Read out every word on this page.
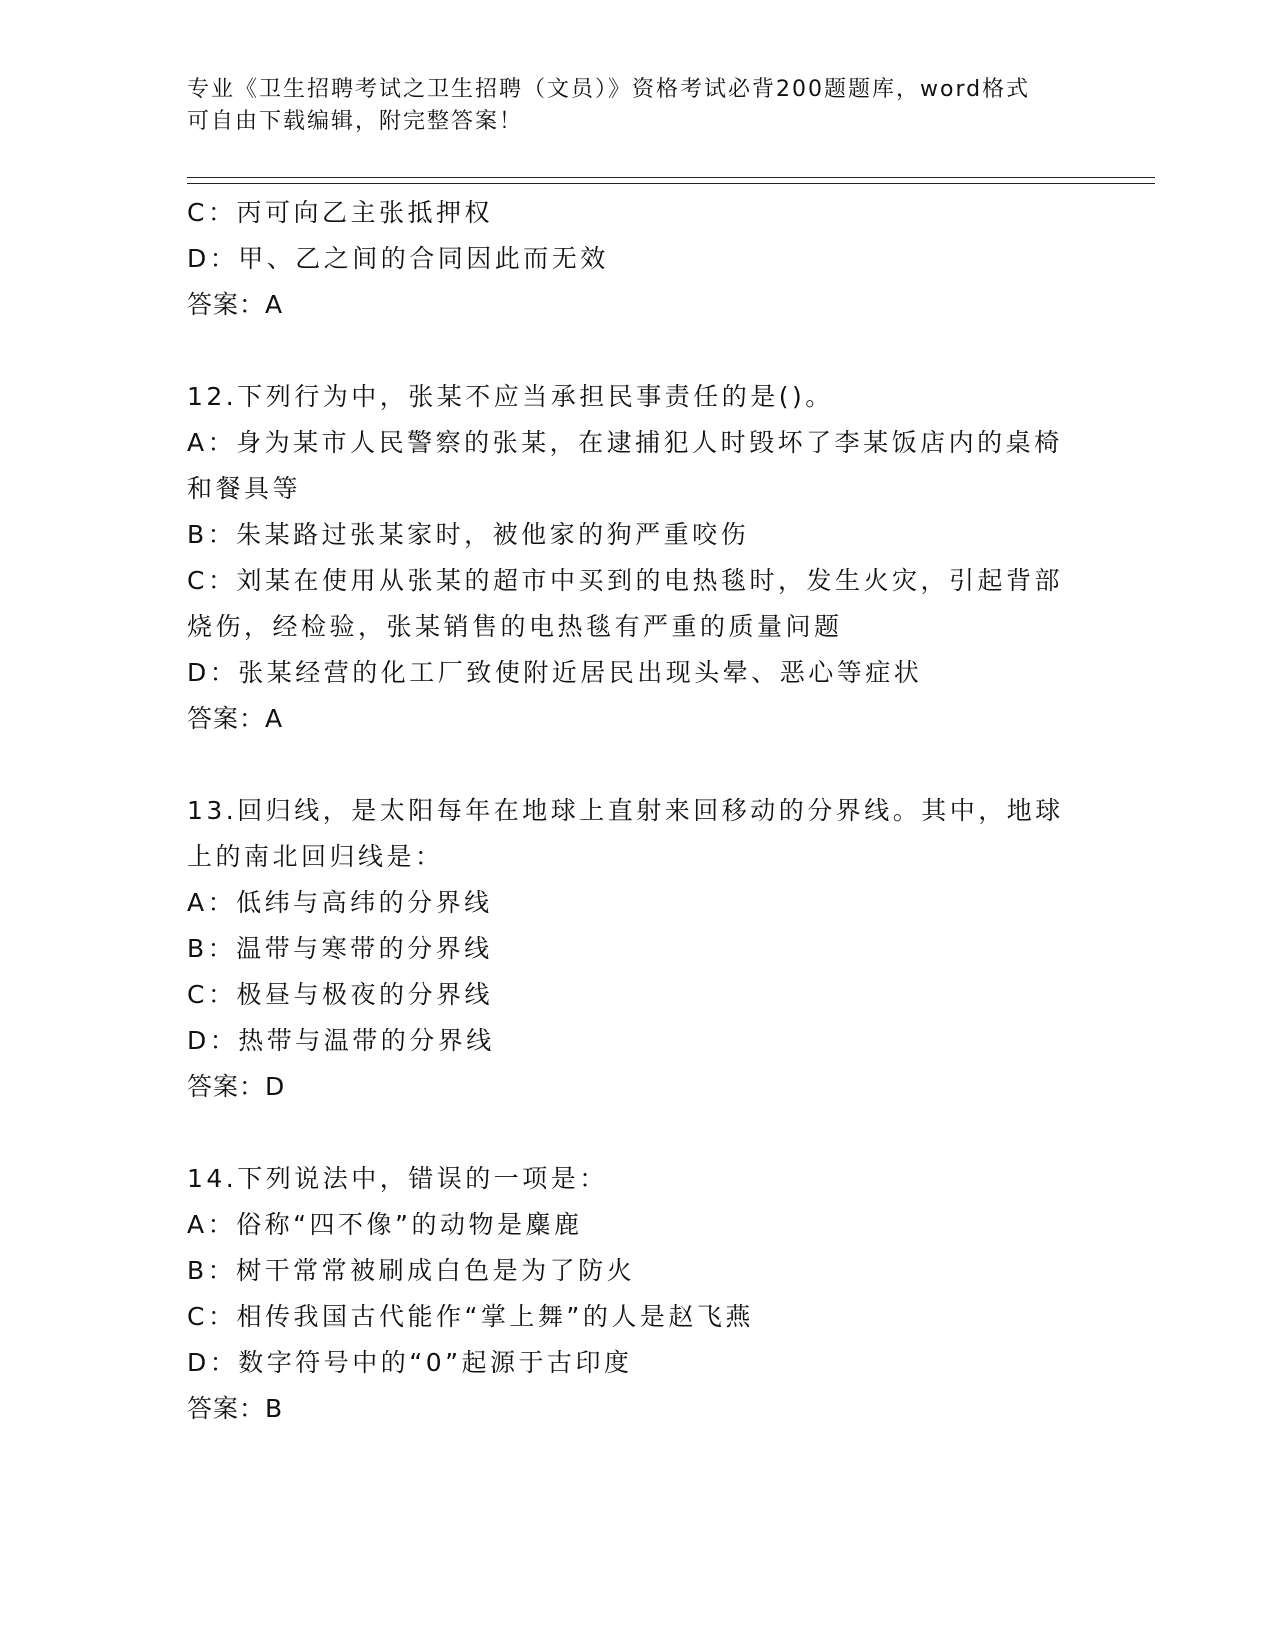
专业《卫生招聘考试之卫生招聘（文员）》资格考试必背200题题库，word格式
可自由下载编辑，附完整答案！
C：丙可向乙主张抵押权
D：甲、乙之间的合同因此而无效
答案：A
12.下列行为中，张某不应当承担民事责任的是()。
A：身为某市人民警察的张某，在逮捕犯人时毁坏了李某饭店内的桌椅
和餐具等
B：朱某路过张某家时，被他家的狗严重咬伤
C：刘某在使用从张某的超市中买到的电热毯时，发生火灾，引起背部
烧伤，经检验，张某销售的电热毯有严重的质量问题
D：张某经营的化工厂致使附近居民出现头晕、恶心等症状
答案：A
13.回归线，是太阳每年在地球上直射来回移动的分界线。其中，地球
上的南北回归线是：
A：低纬与高纬的分界线
B：温带与寒带的分界线
C：极昼与极夜的分界线
D：热带与温带的分界线
答案：D
14.下列说法中，错误的一项是：
A：俗称“四不像”的动物是麋鹿
B：树干常常被刷成白色是为了防火
C：相传我国古代能作“掌上舞”的人是赵飞燕
D：数字符号中的“0”起源于古印度
答案：B
